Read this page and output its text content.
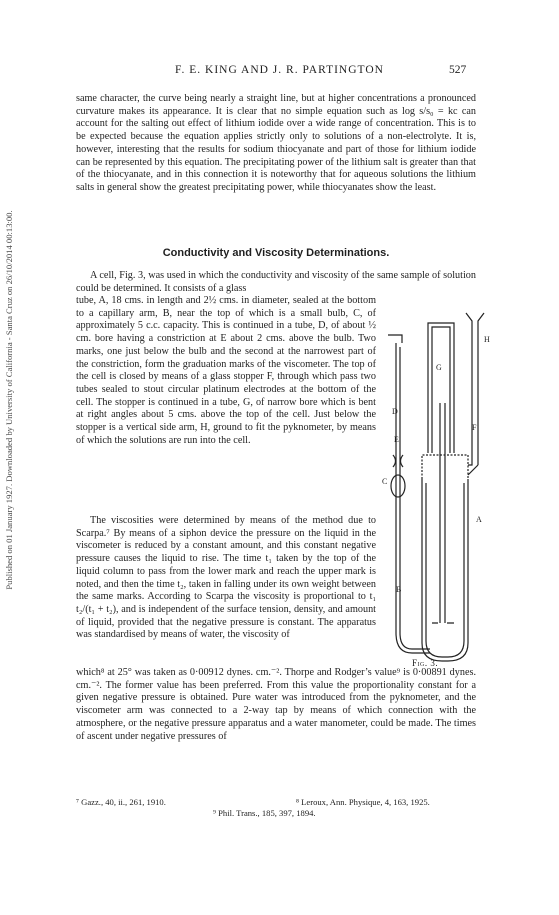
Published on 01 January 1927. Downloaded by University of California - Santa Cruz on 26/10/2014 00:13:00.
F. E. KING AND J. R. PARTINGTON	527
same character, the curve being nearly a straight line, but at higher concentrations a pronounced curvature makes its appearance. It is clear that no simple equation such as log s/s₀ = kc can account for the salting out effect of lithium iodide over a wide range of concentration. This is to be expected because the equation applies strictly only to solutions of a non-electrolyte. It is, however, interesting that the results for sodium thiocyanate and part of those for lithium iodide can be represented by this equation. The precipitating power of the lithium salt is greater than that of the thiocyanate, and in this connection it is noteworthy that for aqueous solutions the lithium salts in general show the greatest precipitating power, while thiocyanates show the least.
Conductivity and Viscosity Determinations.
A cell, Fig. 3, was used in which the conductivity and viscosity of the same sample of solution could be determined. It consists of a glass
tube, A, 18 cms. in length and 2½ cms. in diameter, sealed at the bottom to a capillary arm, B, near the top of which is a small bulb, C, of approximately 5 c.c. capacity. This is continued in a tube, D, of about ½ cm. bore having a constriction at E about 2 cms. above the bulb. Two marks, one just below the bulb and the second at the narrowest part of the constriction, form the graduation marks of the viscometer. The top of the cell is closed by means of a glass stopper F, through which pass two tubes sealed to stout circular platinum electrodes at the bottom of the cell. The stopper is continued in a tube, G, of narrow bore which is bent at right angles about 5 cms. above the top of the cell. Just below the stopper is a vertical side arm, H, ground to fit the pyknometer, by means of which the solutions are run into the cell.
The viscosities were determined by means of the method due to Scarpa.⁷ By means of a siphon device the pressure on the liquid in the viscometer is reduced by a constant amount, and this constant negative pressure causes the liquid to rise. The time t₁ taken by the top of the liquid column to pass from the lower mark and reach the upper mark is noted, and then the time t₂, taken in falling under its own weight between the same marks. According to Scarpa the viscosity is proportional to t₁ t₂/(t₁ + t₂), and is independent of the surface tension, density, and amount of liquid, provided that the negative pressure is constant. The apparatus was standardised by means of water, the viscosity of
which⁸ at 25° was taken as 0·00912 dynes. cm.⁻². Thorpe and Rodger’s value⁹ is 0·00891 dynes. cm.⁻². The former value has been preferred. From this value the proportionality constant for a given negative pressure is obtained. Pure water was introduced from the pyknometer, and the viscometer arm was connected to a 2-way tap by means of which connection with the atmosphere, or the negative pressure apparatus and a water manometer, could be made. The times of ascent under negative pressures of
⁷ Gazz., 40, ii., 261, 1910.	⁸ Leroux, Ann. Physique, 4, 163, 1925.
⁹ Phil. Trans., 185, 397, 1894.
D
E
C
B
G
H
F
A
Fig. 3.
